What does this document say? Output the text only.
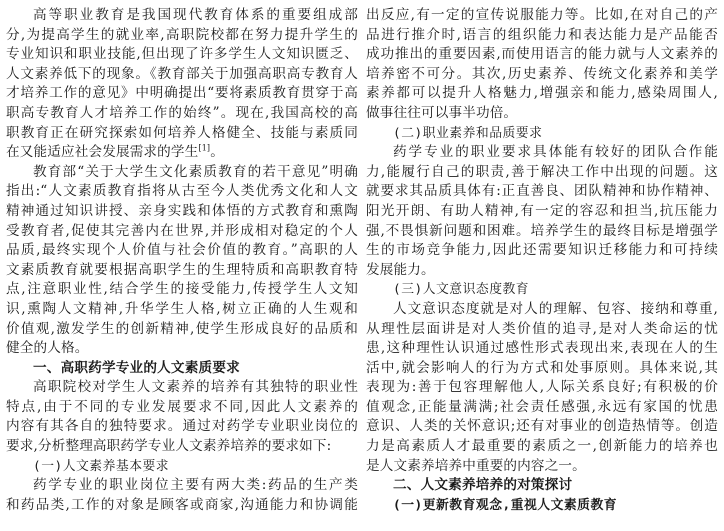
高等职业教育是我国现代教育体系的重要组成部
分,为提高学生的就业率,高职院校都在努力提升学生的
专业知识和职业技能,但出现了许多学生人文知识匮乏、
人文素养低下的现象。《教育部关于加强高职高专教育人
才培养工作的意见》中明确提出“要将素质教育贯穿于高
职高专教育人才培养工作的始终”。现在,我国高校的高
职教育正在研究探索如何培养人格健全、技能与素质同
在又能适应社会发展需求的学生[1]。
教育部“关于大学生文化素质教育的若干意见”明确
指出:“人文素质教育指将从古至今人类优秀文化和人文
精神通过知识讲授、亲身实践和体悟的方式教育和熏陶
受教育者,促使其完善内在世界,并形成相对稳定的个人
品质,最终实现个人价值与社会价值的教育。”高职的人
文素质教育就要根据高职学生的生理特质和高职教育特
点,注意职业性,结合学生的接受能力,传授学生人文知
识,熏陶人文精神,升华学生人格,树立正确的人生观和
价值观,激发学生的创新精神,使学生形成良好的品质和
健全的人格。
一、高职药学专业的人文素质要求
高职院校对学生人文素养的培养有其独特的职业性
特点,由于不同的专业发展要求不同,因此人文素养的
内容有其各自的独特要求。通过对药学专业职业岗位的
要求,分析整理高职药学专业人文素养培养的要求如下:
(一)人文素养基本要求
药学专业的职业岗位主要有两大类:药品的生产类
和药品类,工作的对象是顾客或商家,沟通能力和协调能
出反应,有一定的宣传说服能力等。比如,在对自己的产
品进行推介时,语言的组织能力和表达能力是产品能否
成功推出的重要因素,而使用语言的能力就与人文素养的
培养密不可分。其次,历史素养、传统文化素养和美学
素养都可以提升人格魅力,增强亲和能力,感染周围人,
做事往往可以事半功倍。
(二)职业素养和品质要求
药学专业的职业要求具体能有较好的团队合作能
力,能履行自己的职责,善于解决工作中出现的问题。这
就要求其品质具体有:正直善良、团队精神和协作精神、
阳光开朗、有助人精神,有一定的容忍和担当,抗压能力
强,不畏惧新问题和困难。培养学生的最终目标是增强学
生的市场竞争能力,因此还需要知识迁移能力和可持续
发展能力。
(三)人文意识态度教育
人文意识态度就是对人的理解、包容、接纳和尊重,
从理性层面讲是对人类价值的追寻,是对人类命运的忧
患,这种理性认识通过感性形式表现出来,表现在人的生
活中,就会影响人的行为方式和处事原则。具体来说,其
表现为:善于包容理解他人,人际关系良好;有积极的价
值观念,正能量满满;社会责任感强,永远有家国的忧患
意识、人类的关怀意识;还有对事业的创造热情等。创造
力是高素质人才最重要的素质之一,创新能力的培养也
是人文素养培养中重要的内容之一。
二、人文素养培养的对策探讨
(一)更新教育观念,重视人文素质教育
